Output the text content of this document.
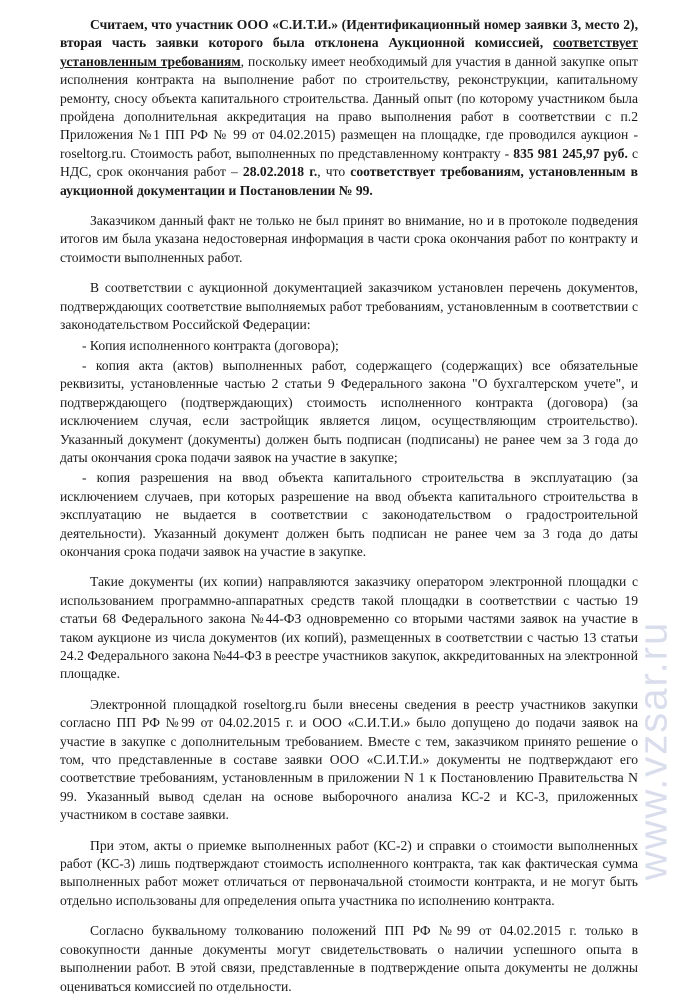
Считаем, что участник ООО «С.И.Т.И.» (Идентификационный номер заявки 3, место 2), вторая часть заявки которого была отклонена Аукционной комиссией, соответствует установленным требованиям, поскольку имеет необходимый для участия в данной закупке опыт исполнения контракта на выполнение работ по строительству, реконструкции, капитальному ремонту, сносу объекта капитального строительства. Данный опыт (по которому участником была пройдена дополнительная аккредитация на право выполнения работ в соответствии с п.2 Приложения №1 ПП РФ № 99 от 04.02.2015) размещен на площадке, где проводился аукцион - roseltorg.ru. Стоимость работ, выполненных по представленному контракту - 835 981 245,97 руб. с НДС, срок окончания работ – 28.02.2018 г., что соответствует требованиям, установленным в аукционной документации и Постановлении № 99.

Заказчиком данный факт не только не был принят во внимание, но и в протоколе подведения итогов им была указана недостоверная информация в части срока окончания работ по контракту и стоимости выполненных работ.

В соответствии с аукционной документацией заказчиком установлен перечень документов, подтверждающих соответствие выполняемых работ требованиям, установленным в соответствии с законодательством Российской Федерации:

- Копия исполненного контракта (договора);

- копия акта (актов) выполненных работ, содержащего (содержащих) все обязательные реквизиты, установленные частью 2 статьи 9 Федерального закона "О бухгалтерском учете", и подтверждающего (подтверждающих) стоимость исполненного контракта (договора) (за исключением случая, если застройщик является лицом, осуществляющим строительство). Указанный документ (документы) должен быть подписан (подписаны) не ранее чем за 3 года до даты окончания срока подачи заявок на участие в закупке;

- копия разрешения на ввод объекта капитального строительства в эксплуатацию (за исключением случаев, при которых разрешение на ввод объекта капитального строительства в эксплуатацию не выдается в соответствии с законодательством о градостроительной деятельности). Указанный документ должен быть подписан не ранее чем за 3 года до даты окончания срока подачи заявок на участие в закупке.

Такие документы (их копии) направляются заказчику оператором электронной площадки с использованием программно-аппаратных средств такой площадки в соответствии с частью 19 статьи 68 Федерального закона №44-ФЗ одновременно со вторыми частями заявок на участие в таком аукционе из числа документов (их копий), размещенных в соответствии с частью 13 статьи 24.2 Федерального закона №44-ФЗ в реестре участников закупок, аккредитованных на электронной площадке.

Электронной площадкой roseltorg.ru были внесены сведения в реестр участников закупки согласно ПП РФ №99 от 04.02.2015 г. и ООО «С.И.Т.И.» было допущено до подачи заявок на участие в закупке с дополнительным требованием. Вместе с тем, заказчиком принято решение о том, что представленные в составе заявки ООО «С.И.Т.И.» документы не подтверждают его соответствие требованиям, установленным в приложении N 1 к Постановлению Правительства N 99. Указанный вывод сделан на основе выборочного анализа КС-2 и КС-3, приложенных участником в составе заявки.

При этом, акты о приемке выполненных работ (КС-2) и справки о стоимости выполненных работ (КС-3) лишь подтверждают стоимость исполненного контракта, так как фактическая сумма выполненных работ может отличаться от первоначальной стоимости контракта, и не могут быть отдельно использованы для определения опыта участника по исполнению контракта.

Согласно буквальному толкованию положений ПП РФ №99 от 04.02.2015 г. только в совокупности данные документы могут свидетельствовать о наличии успешного опыта в выполнении работ. В этой связи, представленные в подтверждение опыта документы не должны оцениваться комиссией по отдельности.

www.vzsar.ru
